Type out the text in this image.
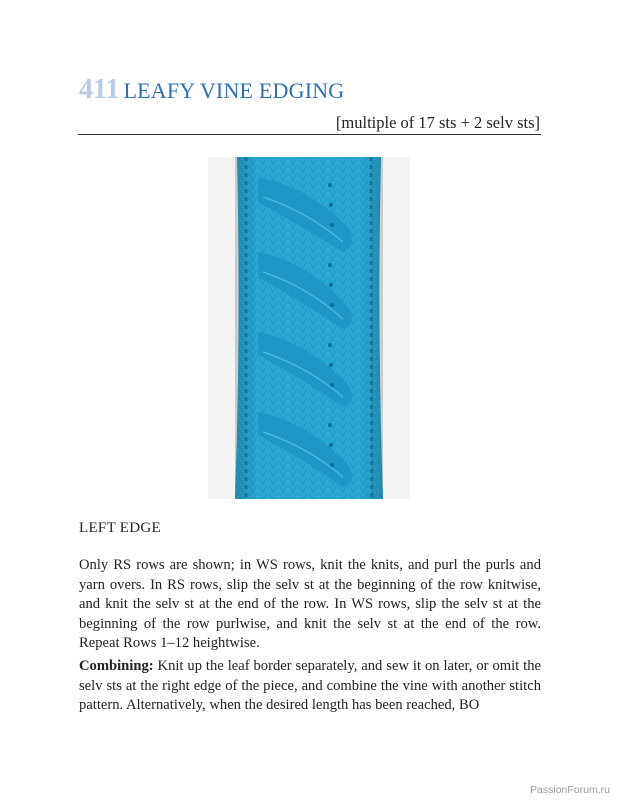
411 LEAFY VINE EDGING
[multiple of 17 sts + 2 selv sts]
LEFT EDGE

Only RS rows are shown; in WS rows, knit the knits, and purl the purls and yarn overs. In RS rows, slip the selv st at the beginning of the row knitwise, and knit the selv st at the end of the row. In WS rows, slip the selv st at the beginning of the row purlwise, and knit the selv st at the end of the row. Repeat Rows 1–12 heightwise.

Combining: Knit up the leaf border separately, and sew it on later, or omit the selv sts at the right edge of the piece, and combine the vine with another stitch pattern. Alternatively, when the desired length has been reached, BO

PassionForum.ru
